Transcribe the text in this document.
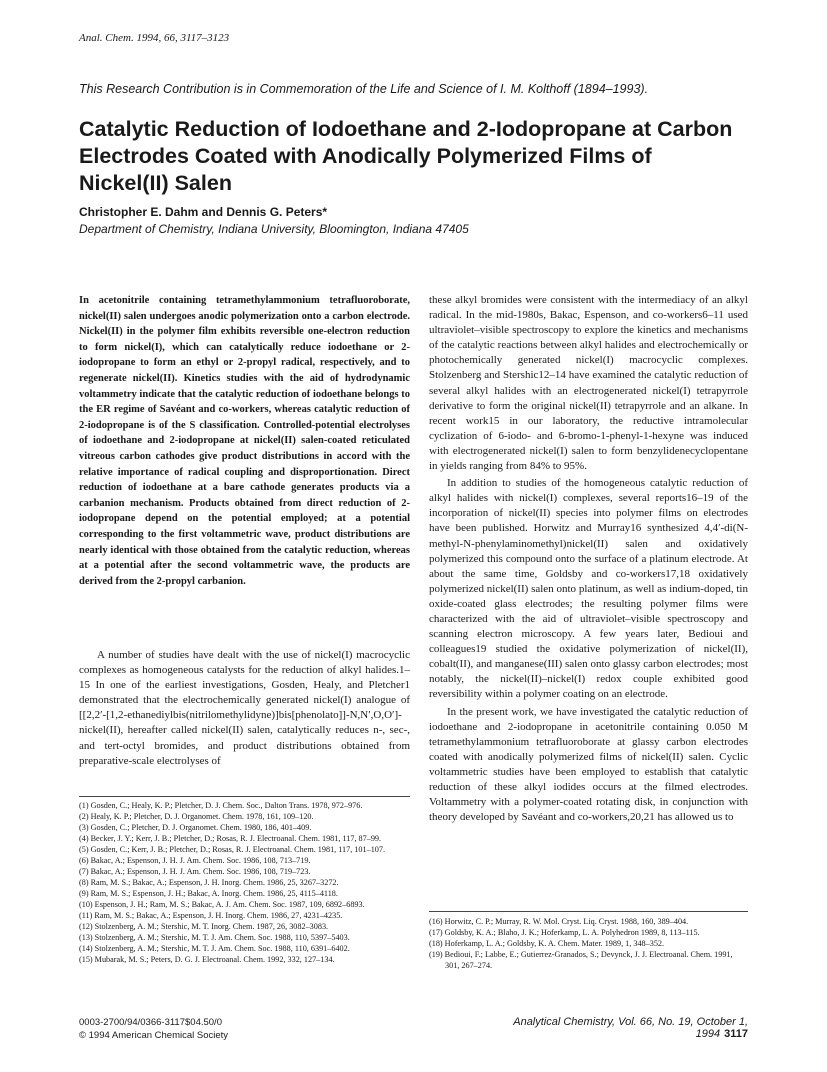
Anal. Chem. 1994, 66, 3117–3123
This Research Contribution is in Commemoration of the Life and Science of I. M. Kolthoff (1894–1993).
Catalytic Reduction of Iodoethane and 2-Iodopropane at Carbon Electrodes Coated with Anodically Polymerized Films of Nickel(II) Salen
Christopher E. Dahm and Dennis G. Peters*
Department of Chemistry, Indiana University, Bloomington, Indiana 47405
In acetonitrile containing tetramethylammonium tetrafluoroborate, nickel(II) salen undergoes anodic polymerization onto a carbon electrode. Nickel(II) in the polymer film exhibits reversible one-electron reduction to form nickel(I), which can catalytically reduce iodoethane or 2-iodopropane to form an ethyl or 2-propyl radical, respectively, and to regenerate nickel(II). Kinetics studies with the aid of hydrodynamic voltammetry indicate that the catalytic reduction of iodoethane belongs to the ER regime of Savéant and co-workers, whereas catalytic reduction of 2-iodopropane is of the S classification. Controlled-potential electrolyses of iodoethane and 2-iodopropane at nickel(II) salen-coated reticulated vitreous carbon cathodes give product distributions in accord with the relative importance of radical coupling and disproportionation. Direct reduction of iodoethane at a bare cathode generates products via a carbanion mechanism. Products obtained from direct reduction of 2-iodopropane depend on the potential employed; at a potential corresponding to the first voltammetric wave, product distributions are nearly identical with those obtained from the catalytic reduction, whereas at a potential after the second voltammetric wave, the products are derived from the 2-propyl carbanion.

A number of studies have dealt with the use of nickel(I) macrocyclic complexes as homogeneous catalysts for the reduction of alkyl halides.1–15 In one of the earliest investigations, Gosden, Healy, and Pletcher1 demonstrated that the electrochemically generated nickel(I) analogue of [[2,2′-[1,2-ethanediylbis(nitrilomethylidyne)]bis[phenolato]]-N,N′,O,O′]-nickel(II), hereafter called nickel(II) salen, catalytically reduces n-, sec-, and tert-octyl bromides, and product distributions obtained from preparative-scale electrolyses of

(1) Gosden, C.; Healy, K. P.; Pletcher, D. J. Chem. Soc., Dalton Trans. 1978, 972–976.
(2) Healy, K. P.; Pletcher, D. J. Organomet. Chem. 1978, 161, 109–120.
(3) Gosden, C.; Pletcher, D. J. Organomet. Chem. 1980, 186, 401–409.
(4) Becker, J. Y.; Kerr, J. B.; Pletcher, D.; Rosas, R. J. Electroanal. Chem. 1981, 117, 87–99.
(5) Gosden, C.; Kerr, J. B.; Pletcher, D.; Rosas, R. J. Electroanal. Chem. 1981, 117, 101–107.
(6) Bakac, A.; Espenson, J. H. J. Am. Chem. Soc. 1986, 108, 713–719.
(7) Bakac, A.; Espenson, J. H. J. Am. Chem. Soc. 1986, 108, 719–723.
(8) Ram, M. S.; Bakac, A.; Espenson, J. H. Inorg. Chem. 1986, 25, 3267–3272.
(9) Ram, M. S.; Espenson, J. H.; Bakac, A. Inorg. Chem. 1986, 25, 4115–4118.
(10) Espenson, J. H.; Ram, M. S.; Bakac, A. J. Am. Chem. Soc. 1987, 109, 6892–6893.
(11) Ram, M. S.; Bakac, A.; Espenson, J. H. Inorg. Chem. 1986, 27, 4231–4235.
(12) Stolzenberg, A. M.; Stershic, M. T. Inorg. Chem. 1987, 26, 3082–3083.
(13) Stolzenberg, A. M.; Stershic, M. T. J. Am. Chem. Soc. 1988, 110, 5397–5403.
(14) Stolzenberg, A. M.; Stershic, M. T. J. Am. Chem. Soc. 1988, 110, 6391–6402.
(15) Mubarak, M. S.; Peters, D. G. J. Electroanal. Chem. 1992, 332, 127–134.

these alkyl bromides were consistent with the intermediacy of an alkyl radical. In the mid-1980s, Bakac, Espenson, and co-workers6–11 used ultraviolet–visible spectroscopy to explore the kinetics and mechanisms of the catalytic reactions between alkyl halides and electrochemically or photochemically generated nickel(I) macrocyclic complexes. Stolzenberg and Stershic12–14 have examined the catalytic reduction of several alkyl halides with an electrogenerated nickel(I) tetrapyrrole derivative to form the original nickel(II) tetrapyrrole and an alkane. In recent work15 in our laboratory, the reductive intramolecular cyclization of 6-iodo- and 6-bromo-1-phenyl-1-hexyne was induced with electrogenerated nickel(I) salen to form benzylidenecyclopentane in yields ranging from 84% to 95%.

In addition to studies of the homogeneous catalytic reduction of alkyl halides with nickel(I) complexes, several reports16–19 of the incorporation of nickel(II) species into polymer films on electrodes have been published. Horwitz and Murray16 synthesized 4,4′-di(N-methyl-N-phenylaminomethyl)nickel(II) salen and oxidatively polymerized this compound onto the surface of a platinum electrode. At about the same time, Goldsby and co-workers17,18 oxidatively polymerized nickel(II) salen onto platinum, as well as indium-doped, tin oxide-coated glass electrodes; the resulting polymer films were characterized with the aid of ultraviolet–visible spectroscopy and scanning electron microscopy. A few years later, Bedioui and colleagues19 studied the oxidative polymerization of nickel(II), cobalt(II), and manganese(III) salen onto glassy carbon electrodes; most notably, the nickel(II)–nickel(I) redox couple exhibited good reversibility within a polymer coating on an electrode.

In the present work, we have investigated the catalytic reduction of iodoethane and 2-iodopropane in acetonitrile containing 0.050 M tetramethylammonium tetrafluoroborate at glassy carbon electrodes coated with anodically polymerized films of nickel(II) salen. Cyclic voltammetric studies have been employed to establish that catalytic reduction of these alkyl iodides occurs at the filmed electrodes. Voltammetry with a polymer-coated rotating disk, in conjunction with theory developed by Savéant and co-workers,20,21 has allowed us to

(16) Horwitz, C. P.; Murray, R. W. Mol. Cryst. Liq. Cryst. 1988, 160, 389–404.
(17) Goldsby, K. A.; Blaho, J. K.; Hoferkamp, L. A. Polyhedron 1989, 8, 113–115.
(18) Hoferkamp, L. A.; Goldsby, K. A. Chem. Mater. 1989, 1, 348–352.
(19) Bedioui, F.; Labbe, E.; Gutierrez-Granados, S.; Devynck, J. J. Electroanal. Chem. 1991, 301, 267–274.
0003-2700/94/0366-3117$04.50/0
© 1994 American Chemical Society
Analytical Chemistry, Vol. 66, No. 19, October 1, 1994 3117
